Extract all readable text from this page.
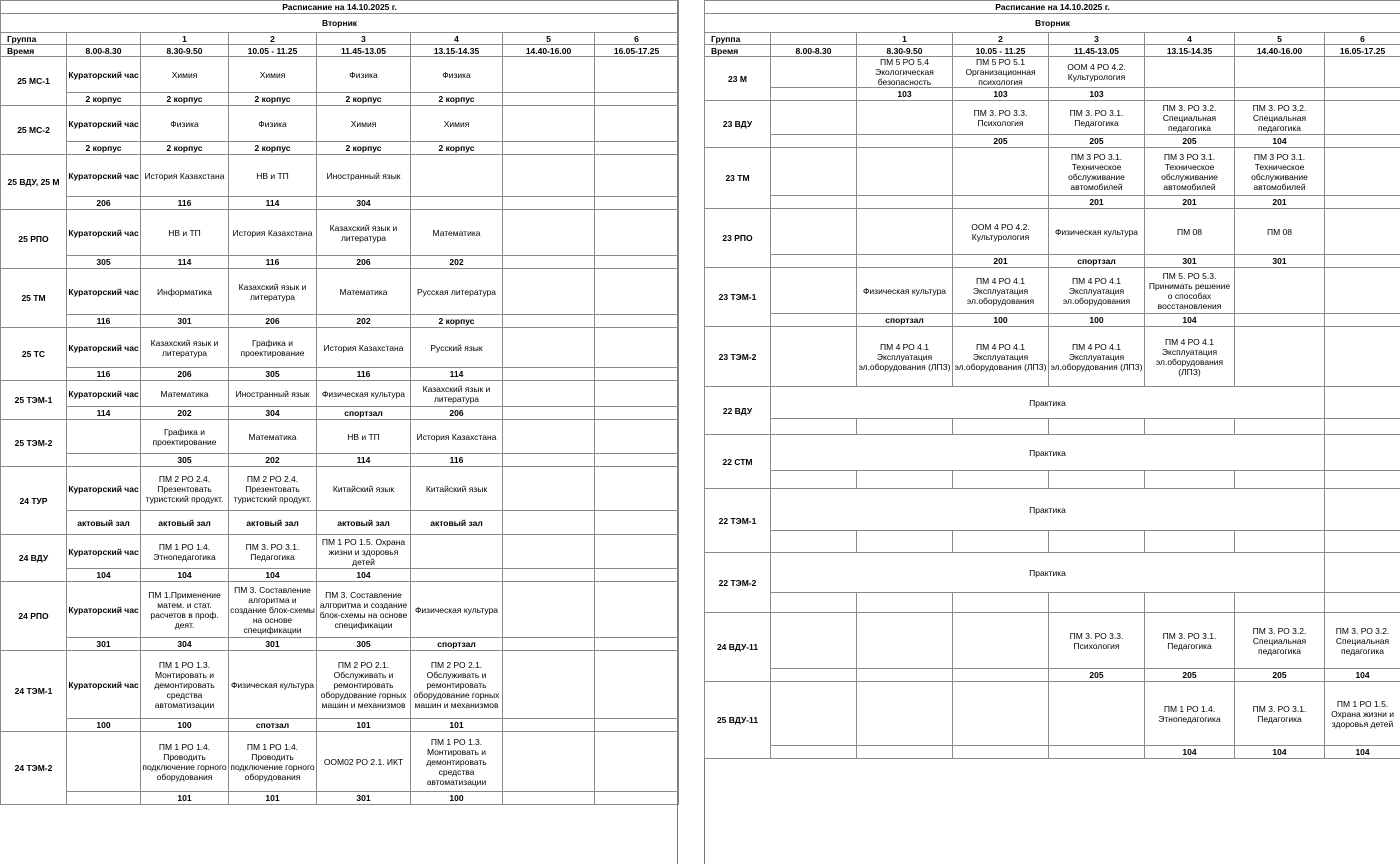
Расписание на 14.10.2025 г.							
Вторник							
Группа		1	2	3	4	5	6
Время	8.00-8.30	8.30-9.50	10.05 - 11.25	11.45-13.05	13.15-14.35	14.40-16.00	16.05-17.25
25 МС-1	Кураторский час	Химия	Химия	Физика	Физика		
	2 корпус	2 корпус	2 корпус	2 корпус	2 корпус		
25 МС-2	Кураторский час	Физика	Физика	Химия	Химия		
	2 корпус	2 корпус	2 корпус	2 корпус	2 корпус		
25 ВДУ, 25 М	Кураторский час	История Казахстана	НВ и ТП	Иностранный язык			
	206	116	114	304			
25 РПО	Кураторский час	НВ и ТП	История Казахстана	Казахский язык и литература	Математика		
	305	114	116	206	202		
25 ТМ	Кураторский час	Информатика	Казахский язык и литература	Математика	Русская литература		
	116	301	206	202	2 корпус		
25 ТС	Кураторский час	Казахский язык и литература	Графика и проектирование	История Казахстана	Русский язык		
	116	206	305	116	114		
25 ТЭМ-1	Кураторский час	Математика	Иностранный язык	Физическая культура	Казахский язык и литература		
	114	202	304	спортзал	206		
25 ТЭМ-2		Графика и проектирование	Математика	НВ и ТП	История Казахстана		
		305	202	114	116		
24 ТУР	Кураторский час	ПМ 2 РО 2.4. Презентовать туристский продукт.	ПМ 2 РО 2.4. Презентовать туристский продукт.	Китайский язык	Китайский язык		
	актовый зал	актовый зал	актовый зал	актовый зал	актовый зал		
24 ВДУ	Кураторский час	ПМ 1 РО 1.4. Этнопедагогика	ПМ 3. РО 3.1. Педагогика	ПМ 1 РО 1.5. Охрана жизни и здоровья детей			
	104	104	104	104			
24 РПО	Кураторский час	ПМ 1.Применение матем. и стат. расчетов в проф. деят.	ПМ 3. Составление алгоритма и создание блок-схемы на основе спецификации	ПМ 3. Составление алгоритма и создание блок-схемы на основе спецификации	Физическая культура		
	301	304	301	305	спортзал		
24 ТЭМ-1	Кураторский час	ПМ 1 РО 1.3. Монтировать и демонтировать средства автоматизации	Физическая культура	ПМ 2 РО 2.1. Обслуживать и ремонтировать оборудование горных машин и механизмов	ПМ 2 РО 2.1. Обслуживать и ремонтировать оборудование горных машин и механизмов		
	100	100	спотзал	101	101		
24 ТЭМ-2		ПМ 1 РО 1.4. Проводить подключение горного оборудования	ПМ 1 РО 1.4. Проводить подключение горного оборудования	ООМ02 РО 2.1. ИКТ	ПМ 1 РО 1.3. Монтировать и демонтировать средства автоматизации		
		101	101	301	100		
Расписание на 14.10.2025 г.							
Вторник							
Группа		1	2	3	4	5	6
Время	8.00-8.30	8.30-9.50	10.05 - 11.25	11.45-13.05	13.15-14.35	14.40-16.00	16.05-17.25
23 М		ПМ 5 РО 5.4 Экологическая безопасность	ПМ 5 РО 5.1 Организационная психология	ООМ 4 РО 4.2. Культурология			
		103	103	103			
23 ВДУ			ПМ 3. РО 3.3. Психология	ПМ 3. РО 3.1. Педагогика	ПМ 3. РО 3.2. Специальная педагогика	ПМ 3. РО 3.2. Специальная педагогика	
			205	205	205	104	
23 ТМ				ПМ 3 РО 3.1. Техническое обслуживание автомобилей	ПМ 3 РО 3.1. Техническое обслуживание автомобилей	ПМ 3 РО 3.1. Техническое обслуживание автомобилей	
				201	201	201	
23 РПО			ООМ 4 РО 4.2. Культурология	Физическая культура	ПМ 08	ПМ 08	
			201	спортзал	301	301	
23 ТЭМ-1		Физическая культура	ПМ 4 РО 4.1 Эксплуатация эл.оборудования	ПМ 4 РО 4.1 Эксплуатация эл.оборудования	ПМ 5. РО 5.3. Принимать решение о способах восстановления		
		спортзал	100	100	104		
23 ТЭМ-2		ПМ 4 РО 4.1 Эксплуатация эл.оборудования (ЛПЗ)	ПМ 4 РО 4.1 Эксплуатация эл.оборудования (ЛПЗ)	ПМ 4 РО 4.1 Эксплуатация эл.оборудования (ЛПЗ)	ПМ 4 РО 4.1 Эксплуатация эл.оборудования (ЛПЗ)		
22 ВДУ	Практика						

22 СТМ	Практика						

22 ТЭМ-1	Практика						

22 ТЭМ-2	Практика						

24 ВДУ-11				ПМ 3. РО 3.3. Психология	ПМ 3. РО 3.1. Педагогика	ПМ 3. РО 3.2. Специальная педагогика	ПМ 3. РО 3.2. Специальная педагогика
				205	205	205	104
25 ВДУ-11					ПМ 1 РО 1.4. Этнопедагогика	ПМ 3. РО 3.1. Педагогика	ПМ 1 РО 1.5. Охрана жизни и здоровья детей
					104	104	104
